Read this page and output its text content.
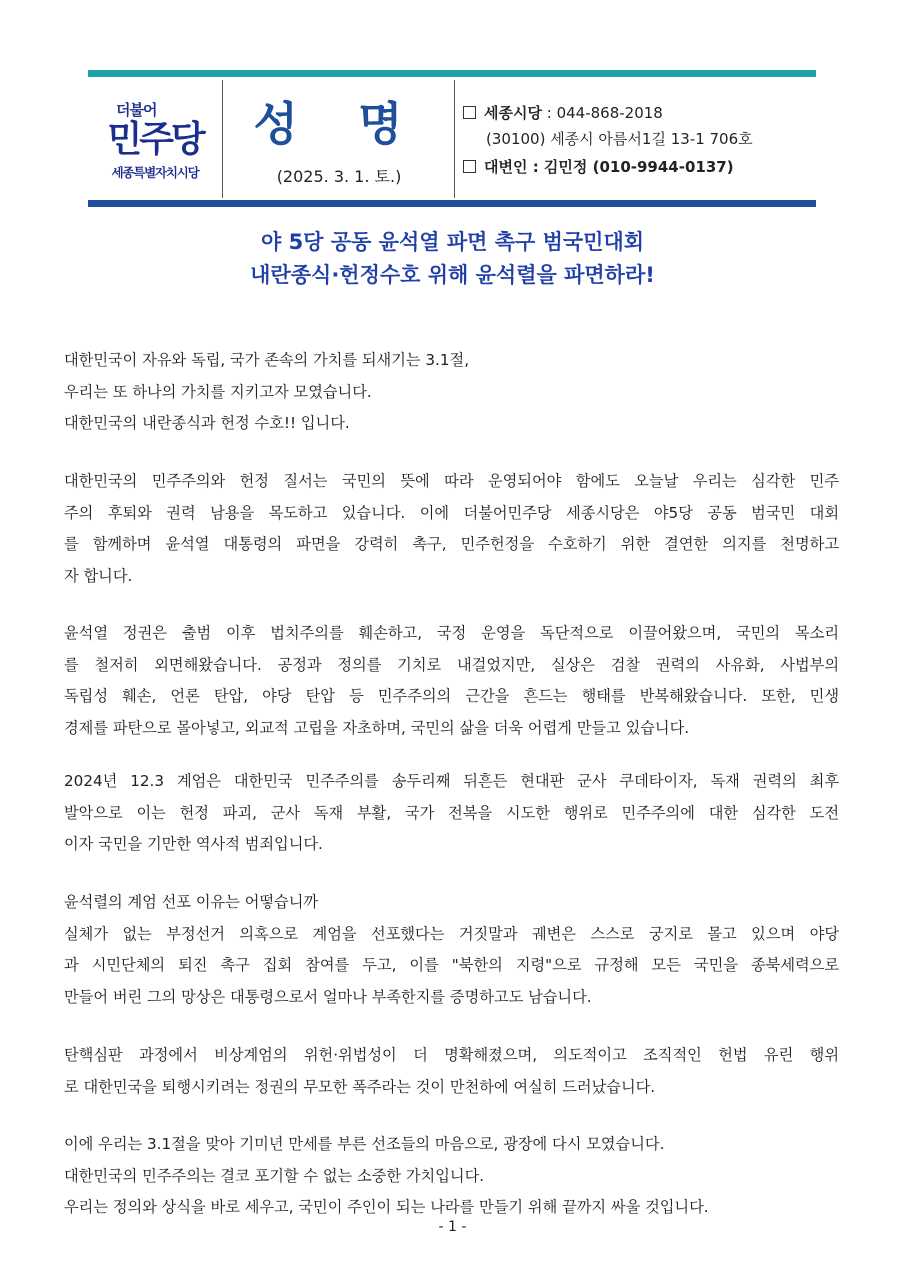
더불어
민주당
세종특별자치시당
성 명
(2025. 3. 1. 토.)
세종시당 : 044-868-2018
(30100) 세종시 아름서1길 13-1 706호
대변인 : 김민정 (010-9944-0137)
야 5당 공동 윤석열 파면 촉구 범국민대회
내란종식·헌정수호 위해 윤석렬을 파면하라!
대한민국이 자유와 독립, 국가 존속의 가치를 되새기는 3.1절,
우리는 또 하나의 가치를 지키고자 모였습니다.
대한민국의 내란종식과 헌정 수호!! 입니다.
대한민국의 민주주의와 헌정 질서는 국민의 뜻에 따라 운영되어야 함에도 오늘날 우리는 심각한 민주
주의 후퇴와 권력 남용을 목도하고 있습니다. 이에 더불어민주당 세종시당은 야5당 공동 범국민 대회
를 함께하며 윤석열 대통령의 파면을 강력히 촉구, 민주헌정을 수호하기 위한 결연한 의지를 천명하고
자 합니다.
윤석열 정권은 출범 이후 법치주의를 훼손하고, 국정 운영을 독단적으로 이끌어왔으며, 국민의 목소리
를 철저히 외면해왔습니다. 공정과 정의를 기치로 내걸었지만, 실상은 검찰 권력의 사유화, 사법부의
독립성 훼손, 언론 탄압, 야당 탄압 등 민주주의의 근간을 흔드는 행태를 반복해왔습니다. 또한, 민생
경제를 파탄으로 몰아넣고, 외교적 고립을 자초하며, 국민의 삶을 더욱 어렵게 만들고 있습니다.
2024년 12.3 계엄은 대한민국 민주주의를 송두리째 뒤흔든 현대판 군사 쿠데타이자, 독재 권력의 최후
발악으로 이는 헌정 파괴, 군사 독재 부활, 국가 전복을 시도한 행위로 민주주의에 대한 심각한 도전
이자 국민을 기만한 역사적 범죄입니다.
윤석렬의 계엄 선포 이유는 어떻습니까
실체가 없는 부정선거 의혹으로 계엄을 선포했다는 거짓말과 궤변은 스스로 궁지로 몰고 있으며 야당
과 시민단체의 퇴진 촉구 집회 참여를 두고, 이를 "북한의 지령"으로 규정해 모든 국민을 종북세력으로
만들어 버린 그의 망상은 대통령으로서 얼마나 부족한지를 증명하고도 남습니다.
탄핵심판 과정에서 비상계엄의 위헌·위법성이 더 명확해졌으며, 의도적이고 조직적인 헌법 유린 행위
로 대한민국을 퇴행시키려는 정권의 무모한 폭주라는 것이 만천하에 여실히 드러났습니다.
이에 우리는 3.1절을 맞아 기미년 만세를 부른 선조들의 마음으로, 광장에 다시 모였습니다.
대한민국의 민주주의는 결코 포기할 수 없는 소중한 가치입니다.
우리는 정의와 상식을 바로 세우고, 국민이 주인이 되는 나라를 만들기 위해 끝까지 싸울 것입니다.
- 1 -
